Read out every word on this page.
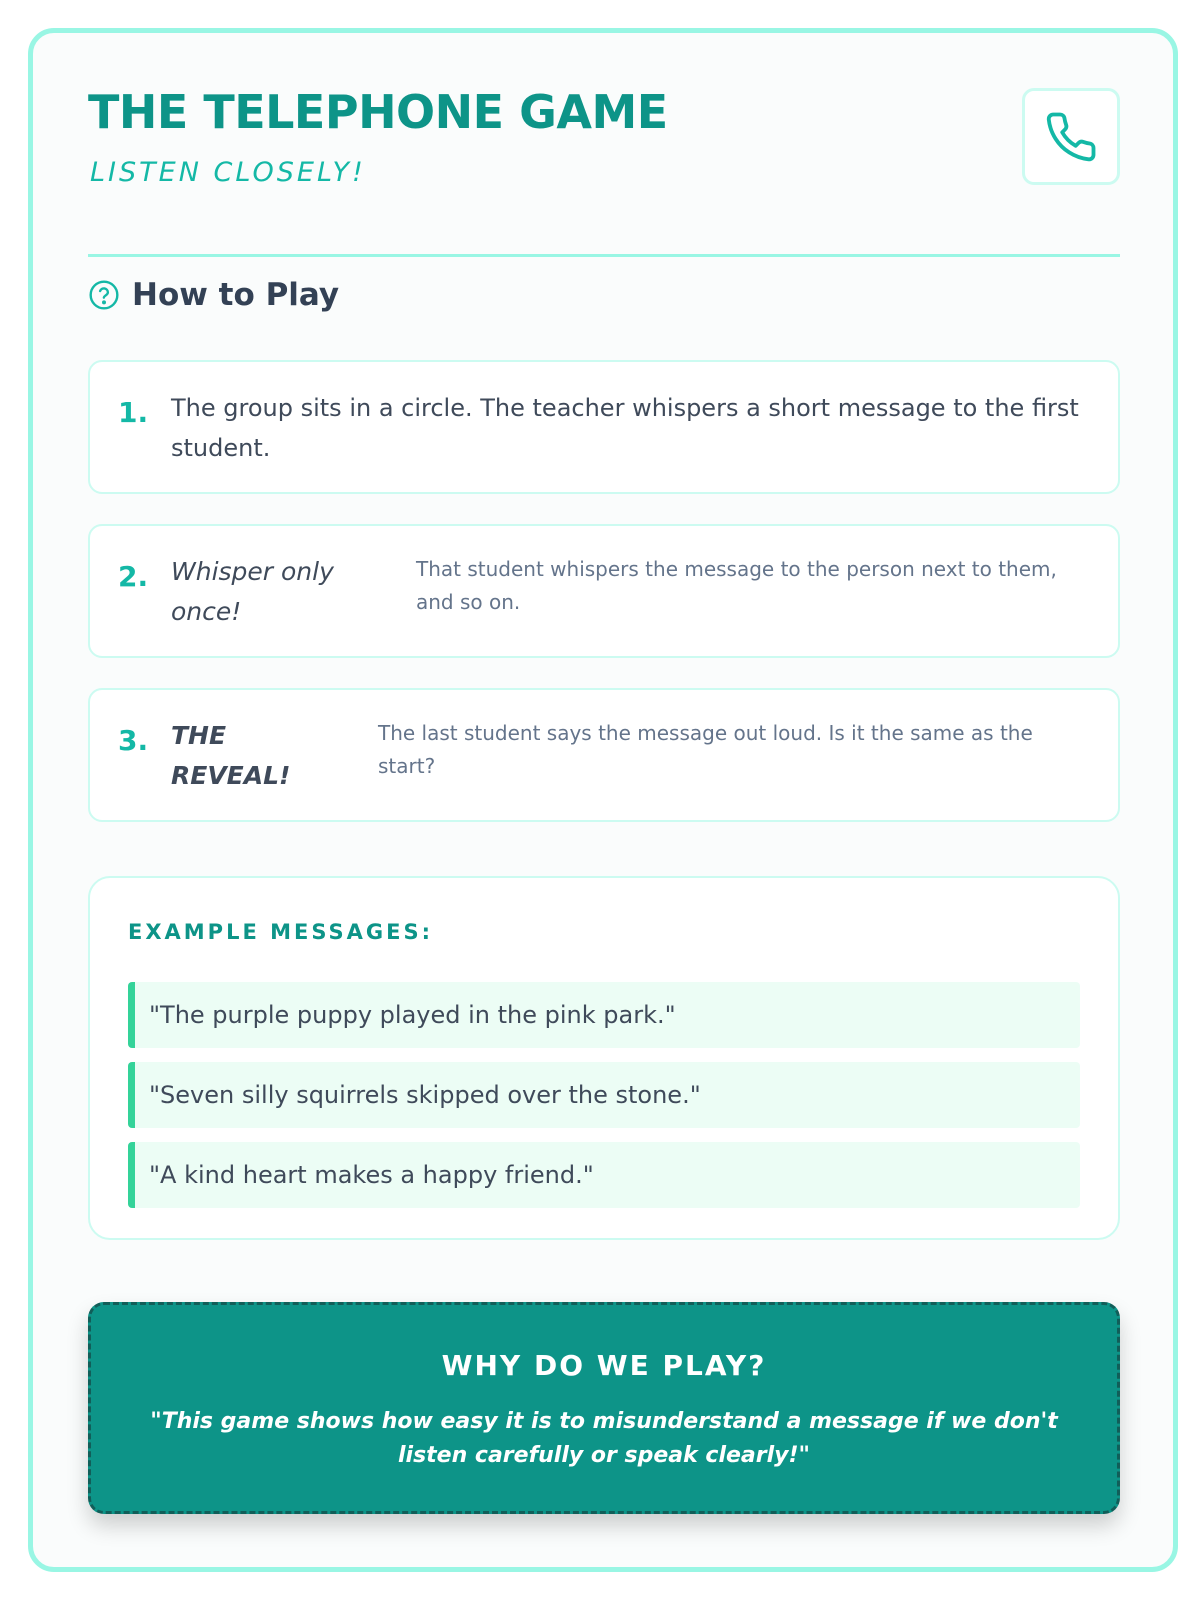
THE TELEPHONE GAME
LISTEN CLOSELY!
How to Play
1. The group sits in a circle. The teacher whispers a short message to the first student.
2. Whisper only once!
That student whispers the message to the person next to them, and so on.
3. THE REVEAL!
The last student says the message out loud. Is it the same as the start?
EXAMPLE MESSAGES:
"The purple puppy played in the pink park."
"Seven silly squirrels skipped over the stone."
"A kind heart makes a happy friend."
WHY DO WE PLAY?
"This game shows how easy it is to misunderstand a message if we don't listen carefully or speak clearly!"
